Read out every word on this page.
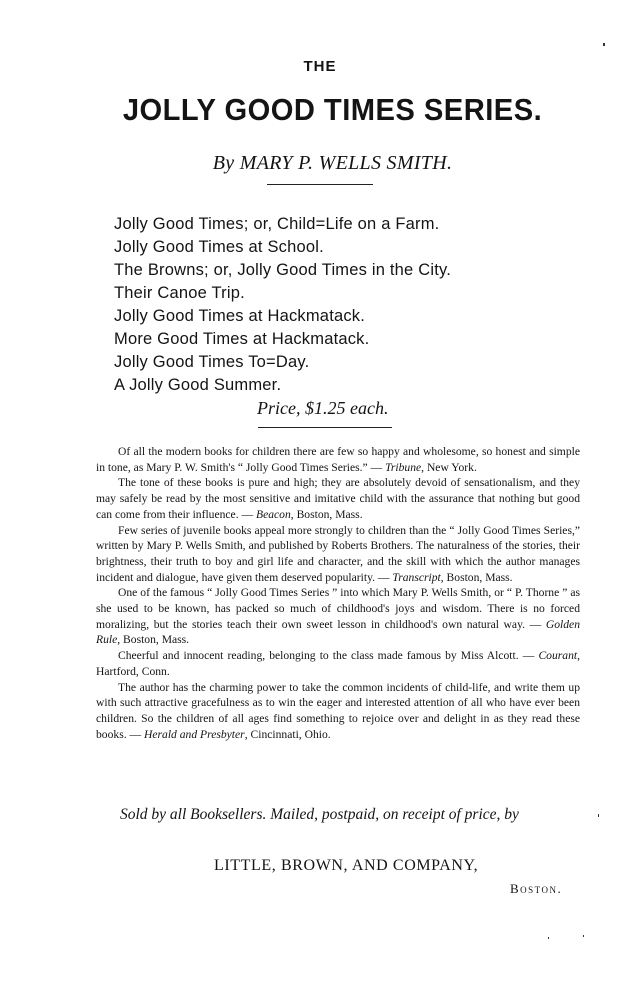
THE
JOLLY GOOD TIMES SERIES.
By MARY P. WELLS SMITH.
Jolly Good Times; or, Child=Life on a Farm.
Jolly Good Times at School.
The Browns; or, Jolly Good Times in the City.
Their Canoe Trip.
Jolly Good Times at Hackmatack.
More Good Times at Hackmatack.
Jolly Good Times To=Day.
A Jolly Good Summer.
Price, $1.25 each.

Of all the modern books for children there are few so happy and wholesome, so honest and simple in tone, as Mary P. W. Smith's “ Jolly Good Times Series.” — Tribune, New York.

The tone of these books is pure and high; they are absolutely devoid of sensationalism, and they may safely be read by the most sensitive and imitative child with the assurance that nothing but good can come from their influence. — Beacon, Boston, Mass.

Few series of juvenile books appeal more strongly to children than the “ Jolly Good Times Series,” written by Mary P. Wells Smith, and published by Roberts Brothers. The naturalness of the stories, their brightness, their truth to boy and girl life and character, and the skill with which the author manages incident and dialogue, have given them deserved popularity. — Transcript, Boston, Mass.

One of the famous “ Jolly Good Times Series ” into which Mary P. Wells Smith, or “ P. Thorne ” as she used to be known, has packed so much of childhood's joys and wisdom. There is no forced moralizing, but the stories teach their own sweet lesson in childhood's own natural way. — Golden Rule, Boston, Mass.

Cheerful and innocent reading, belonging to the class made famous by Miss Alcott. — Courant, Hartford, Conn.

The author has the charming power to take the common incidents of child-life, and write them up with such attractive gracefulness as to win the eager and interested attention of all who have ever been children. So the children of all ages find something to rejoice over and delight in as they read these books. — Herald and Presbyter, Cincinnati, Ohio.

Sold by all Booksellers. Mailed, postpaid, on receipt of price, by
LITTLE, BROWN, AND COMPANY,
Boston.
